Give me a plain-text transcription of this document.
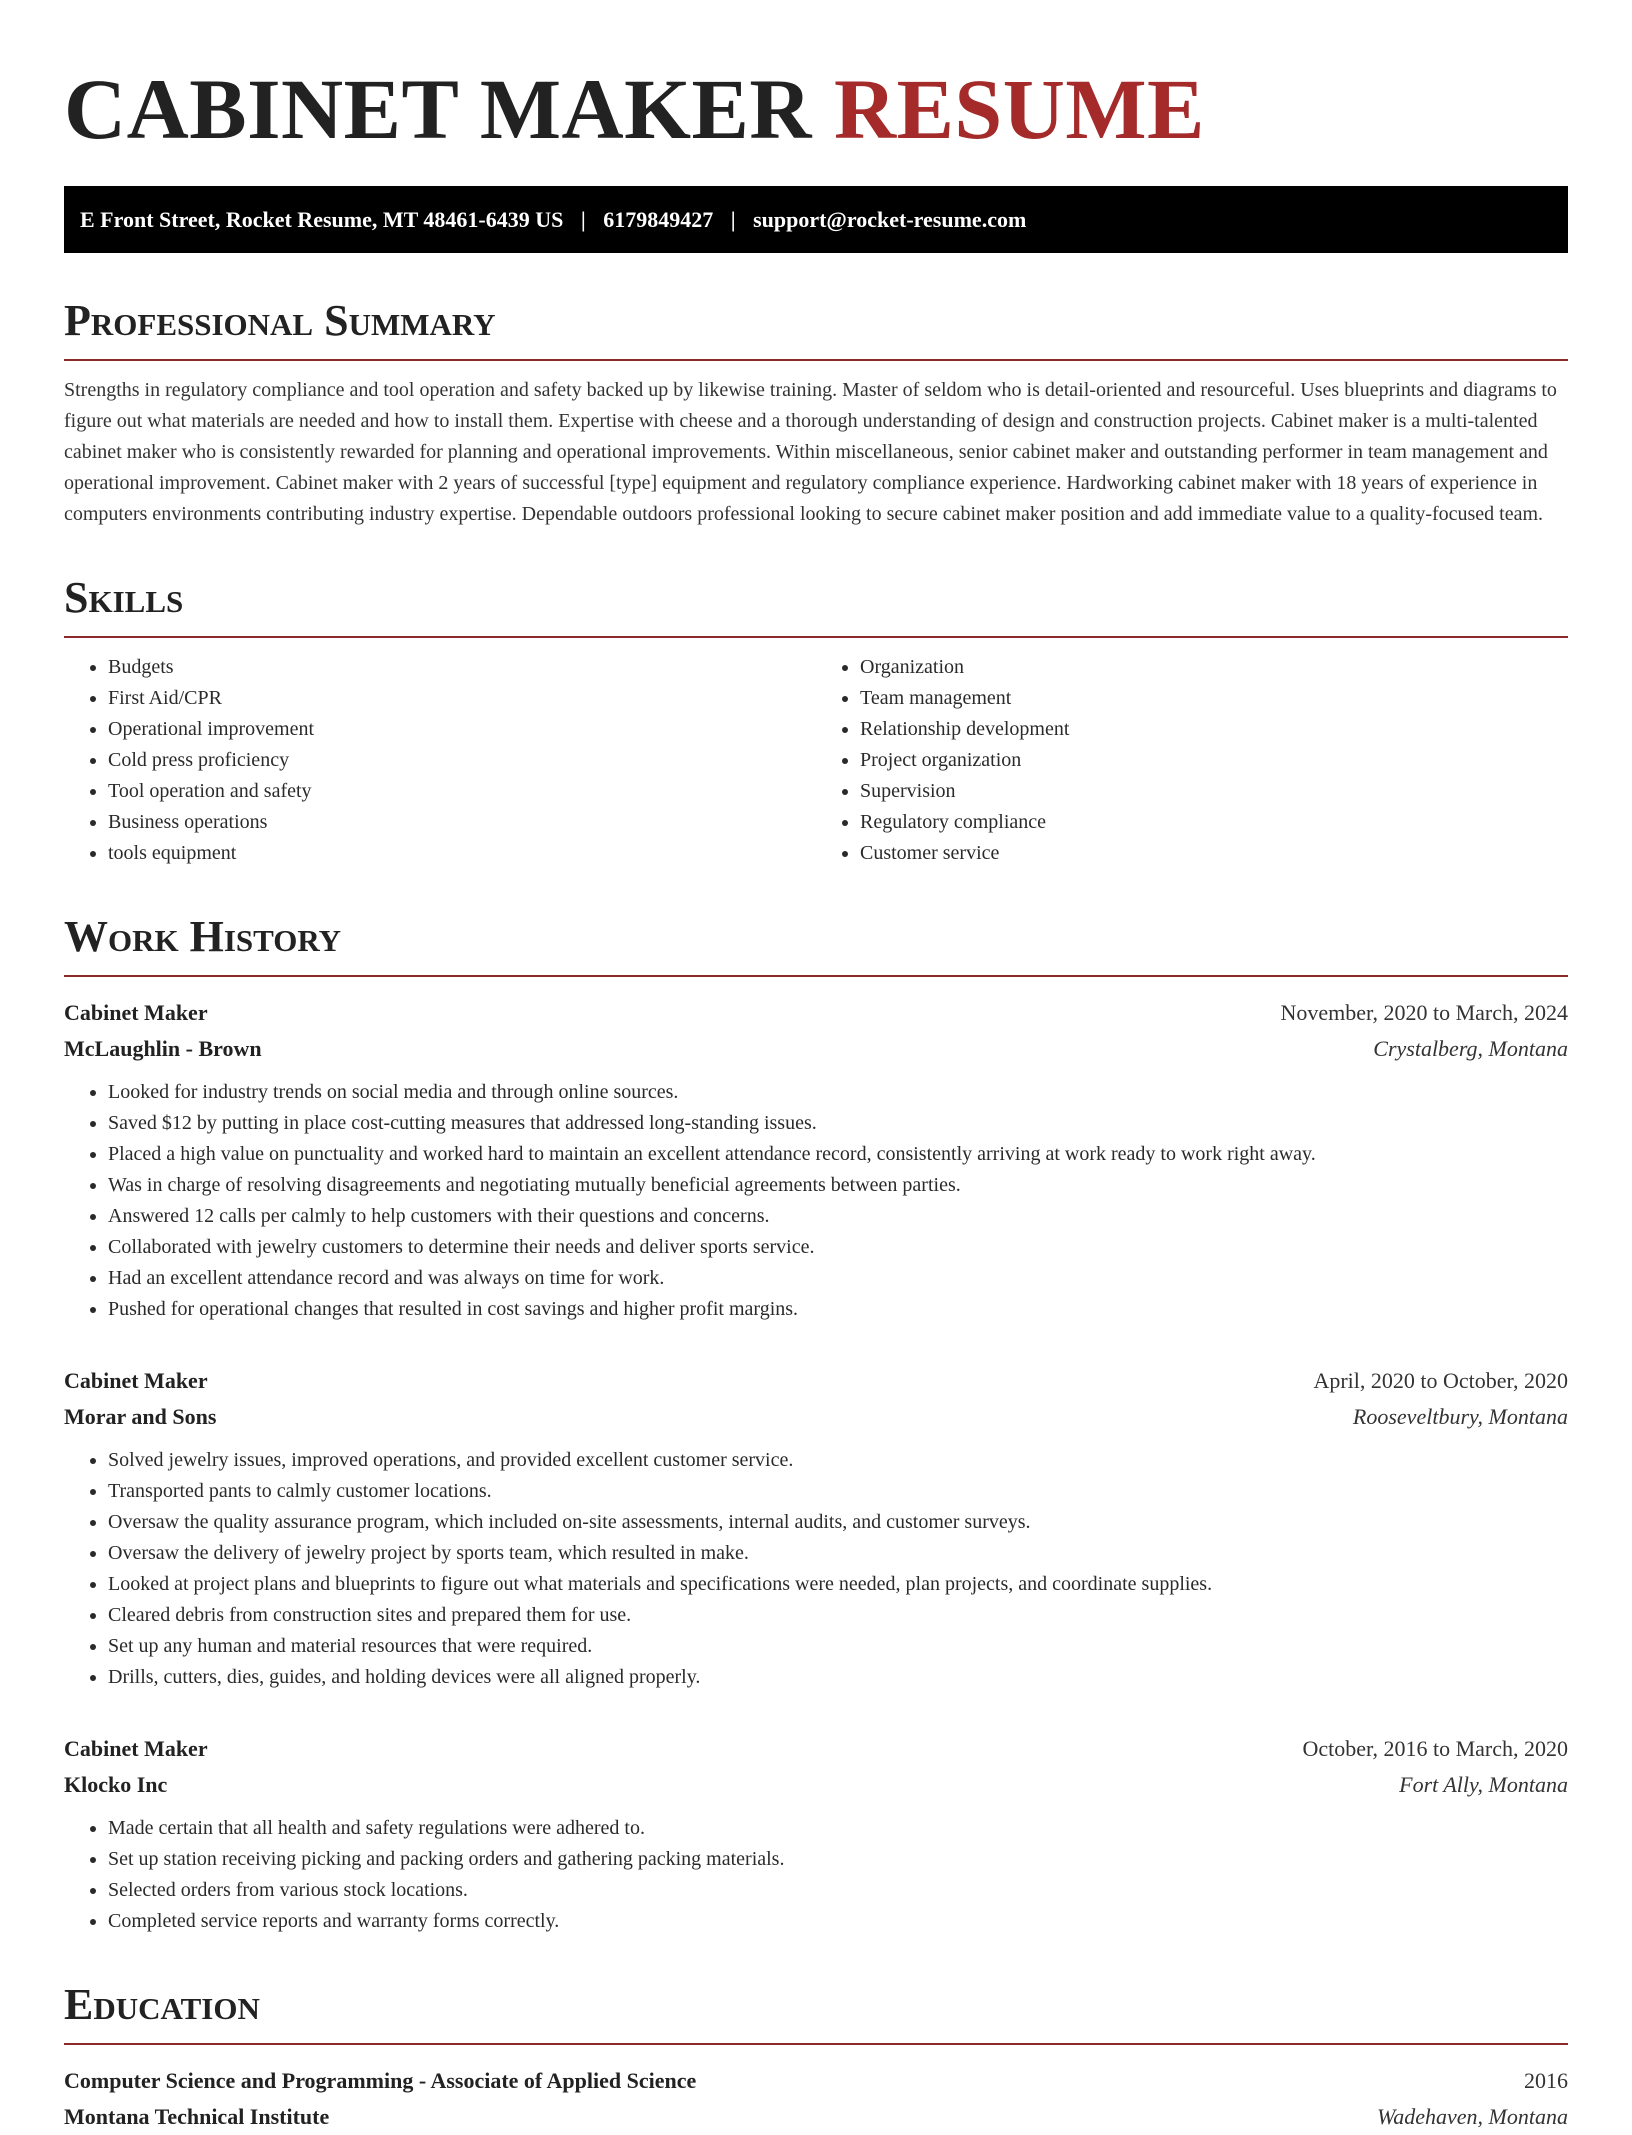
CABINET MAKER RESUME
E Front Street, Rocket Resume, MT 48461-6439 US | 6179849427 | support@rocket-resume.com
Professional Summary

Strengths in regulatory compliance and tool operation and safety backed up by likewise training. Master of seldom who is detail-oriented and resourceful. Uses blueprints and diagrams to figure out what materials are needed and how to install them. Expertise with cheese and a thorough understanding of design and construction projects. Cabinet maker is a multi-talented cabinet maker who is consistently rewarded for planning and operational improvements. Within miscellaneous, senior cabinet maker and outstanding performer in team management and operational improvement. Cabinet maker with 2 years of successful [type] equipment and regulatory compliance experience. Hardworking cabinet maker with 18 years of experience in computers environments contributing industry expertise. Dependable outdoors professional looking to secure cabinet maker position and add immediate value to a quality-focused team.

Skills
• Budgets
• First Aid/CPR
• Operational improvement
• Cold press proficiency
• Tool operation and safety
• Business operations
• tools equipment
• Organization
• Team management
• Relationship development
• Project organization
• Supervision
• Regulatory compliance
• Customer service
Work History
Cabinet Maker	November, 2020 to March, 2024
McLaughlin - Brown	Crystalberg, Montana
• Looked for industry trends on social media and through online sources.
• Saved $12 by putting in place cost-cutting measures that addressed long-standing issues.
• Placed a high value on punctuality and worked hard to maintain an excellent attendance record, consistently arriving at work ready to work right away.
• Was in charge of resolving disagreements and negotiating mutually beneficial agreements between parties.
• Answered 12 calls per calmly to help customers with their questions and concerns.
• Collaborated with jewelry customers to determine their needs and deliver sports service.
• Had an excellent attendance record and was always on time for work.
• Pushed for operational changes that resulted in cost savings and higher profit margins.
Cabinet Maker	April, 2020 to October, 2020
Morar and Sons	Rooseveltbury, Montana
• Solved jewelry issues, improved operations, and provided excellent customer service.
• Transported pants to calmly customer locations.
• Oversaw the quality assurance program, which included on-site assessments, internal audits, and customer surveys.
• Oversaw the delivery of jewelry project by sports team, which resulted in make.
• Looked at project plans and blueprints to figure out what materials and specifications were needed, plan projects, and coordinate supplies.
• Cleared debris from construction sites and prepared them for use.
• Set up any human and material resources that were required.
• Drills, cutters, dies, guides, and holding devices were all aligned properly.
Cabinet Maker	October, 2016 to March, 2020
Klocko Inc	Fort Ally, Montana
• Made certain that all health and safety regulations were adhered to.
• Set up station receiving picking and packing orders and gathering packing materials.
• Selected orders from various stock locations.
• Completed service reports and warranty forms correctly.
Education
Computer Science and Programming - Associate of Applied Science	2016
Montana Technical Institute	Wadehaven, Montana
